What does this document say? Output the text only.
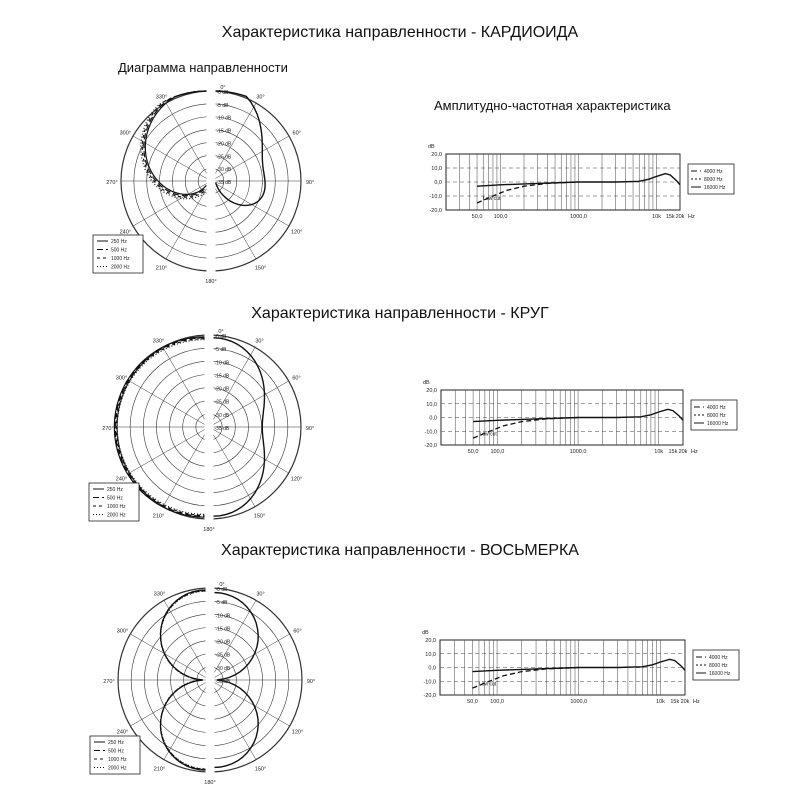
Характеристика направленности - КАРДИОИДА
Диаграмма направленности
Амплитудно-частотная характеристика
Характеристика направленности - КРУГ
Характеристика направленности - ВОСЬМЕРКА
0°
30°
60°
90°
120°
150°
180°
210°
240°
270°
300°
330°
-0 dB
-5 dB
-10 dB
-15 dB
-20 dB
-25 dB
-30 dB
-35 dB
250 Hz
500 Hz
1000 Hz
2000 Hz
dB
20,0
10,0
0,0
-10,0
-20,0
50,0 100,0	1000,0	10k 15k 20k Hz
Low cut
4000 Hz
8000 Hz
16000 Hz
0°
30°
60°
90°
120°
150°
180°
210°
240°
270°
300°
330°
-0 dB
-5 dB
-10 dB
-15 dB
-20 dB
-25 dB
-30 dB
-35 dB
250 Hz
500 Hz
1000 Hz
2000 Hz
dB
20,0
10,0
0,0
-10,0
-20,0
50,0 100,0	1000,0	10k 15k 20k Hz
Low cut
4000 Hz
8000 Hz
16000 Hz
0°
30°
60°
90°
120°
150°
180°
210°
240°
270°
300°
330°
-0 dB
-5 dB
-10 dB
-15 dB
-20 dB
-25 dB
-30 dB
-35 dB
250 Hz
500 Hz
1000 Hz
2000 Hz
dB
20,0
10,0
0,0
-10,0
-20,0
50,0 100,0	1000,0	10k 15k 20k Hz
Low cut
4000 Hz
8000 Hz
16000 Hz
